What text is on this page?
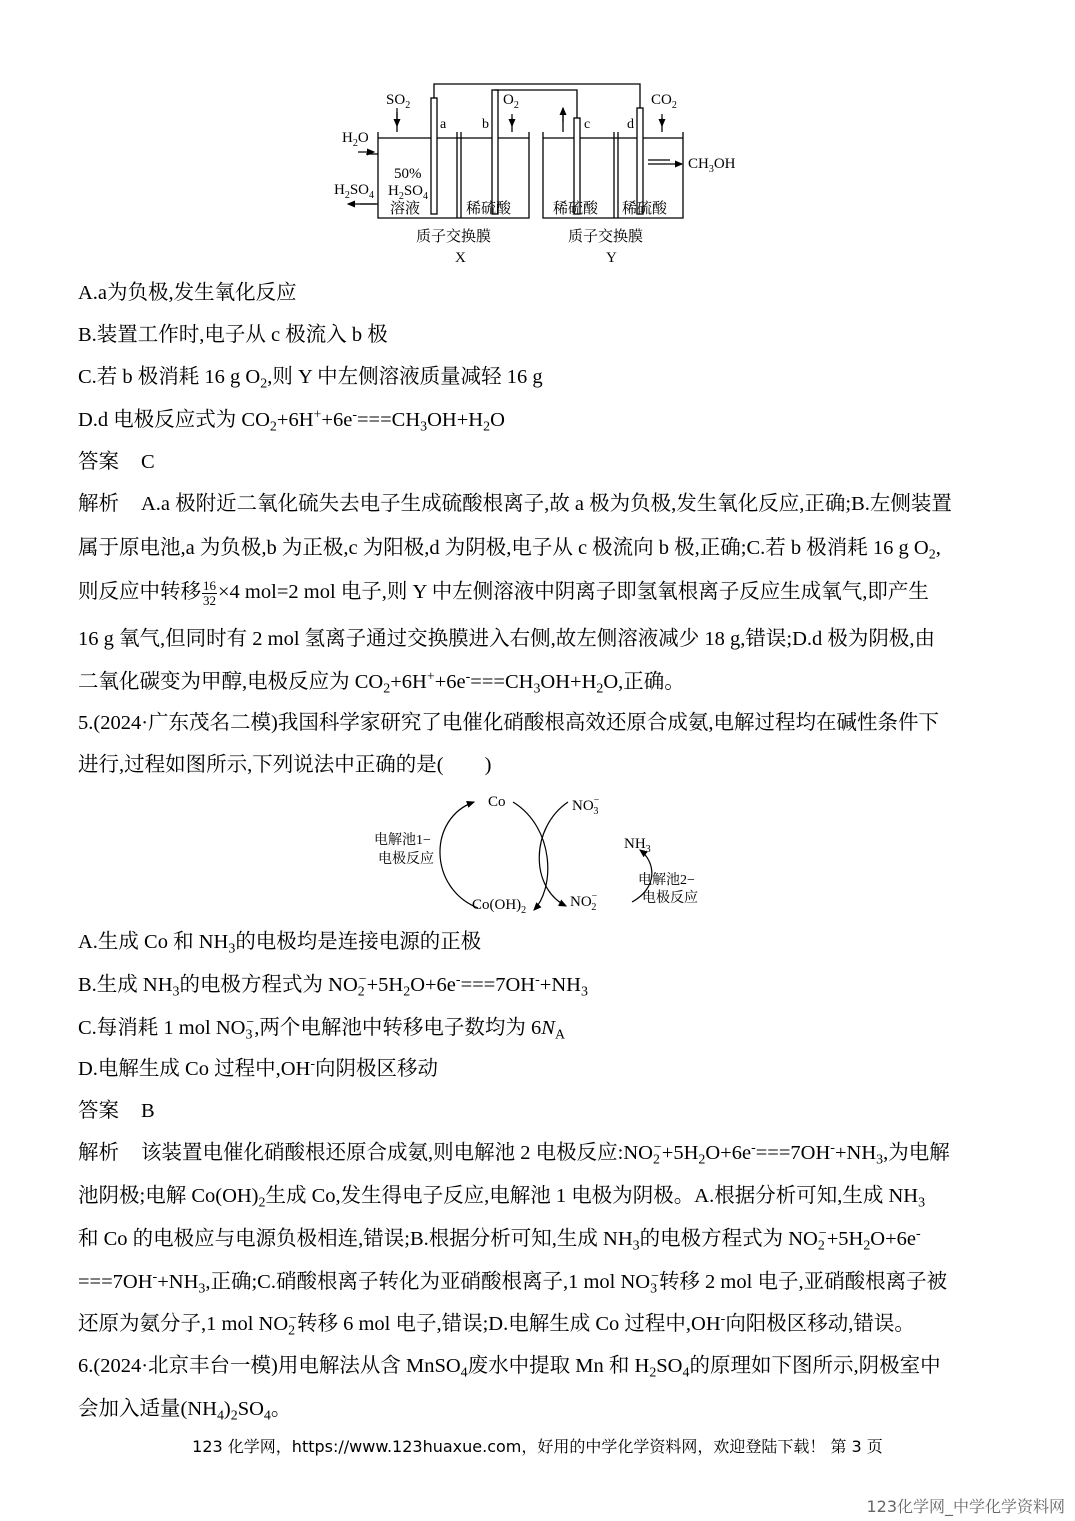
$SO_2$	$O_2$	$CO_2$
$H_2O$
$H_2SO_4$
$CH_3OH$
50%
$H_2SO_4$
溶液	稀硫酸	稀硫酸 稀硫酸
a	b	c	d
质子交换膜	质子交换膜
X	Y
A.a为负极,发生氧化反应
B.装置工作时,电子从 c 极流入 b 极
C.若 b 极消耗 16 g $O_2$,则 Y 中左侧溶液质量减轻 16 g
D.d 电极反应式为 $CO_2+6H^++6e^-===CH_3OH+H_2O$
答案 C
解析 A.a 极附近二氧化硫失去电子生成硫酸根离子,故 a 极为负极,发生氧化反应,正确;B.左侧装置
属于原电池,a 为负极,b 为正极,c 为阳极,d 为阴极,电子从 c 极流向 b 极,正确;C.若 b 极消耗 16 g $O_2$,
则反应中转移 $\frac{16}{32} \times 4$ mol=2 mol 电子,则 Y 中左侧溶液中阴离子即氢氧根离子反应生成氧气,即产生
16 g 氧气,但同时有 2 mol 氢离子通过交换膜进入右侧,故左侧溶液减少 18 g,错误;D.d 极为阴极,由
二氧化碳变为甲醇,电极反应为 $CO_2+6H^++6e^-===CH_3OH+H_2O$,正确。
5.(2024·广东茂名二模)我国科学家研究了电催化硝酸根高效还原合成氨,电解过程均在碱性条件下
进行,过程如图所示,下列说法中正确的是(　　)
Co	NO− 3
$NH_3$
电解池1−
电极反应
电解池2−
电极反应
$Co(OH)_2$
NO− 2
A.生成 Co 和 $NH_3$的电极均是连接电源的正极
B.生成 $NH_3$的电极方程式为 $NO_2^-+5H_2O+6e^-===7OH^-+NH_3$
C.每消耗 1 mol $NO_3^-$,两个电解池中转移电子数均为 $6N_A$
D.电解生成 Co 过程中,OH-向阴极区移动
答案 B
解析 该装置电催化硝酸根还原合成氨,则电解池 2 电极反应$:NO_2^-+5H_2O+6e^-===7OH^-+NH_3$,为电解
池阴极;电解 $Co(OH)_2$生成 Co,发生得电子反应,电解池 1 电极为阴极。A.根据分析可知,生成 $NH_3$
和 Co 的电极应与电源负极相连,错误;B.根据分析可知,生成 $NH_3$的电极方程式为 $NO_2^-+5H_2O+6e^-$
$===7OH^-+NH_3$,正确;C.硝酸根离子转化为亚硝酸根离子,1 mol $NO_3^-$转移 2 mol 电子,亚硝酸根离子被
还原为氨分子,1 mol $NO_2^-$转移 6 mol 电子,错误;D.电解生成 Co 过程中,OH-向阳极区移动,错误。
6.(2024·北京丰台一模)用电解法从含 MnSO$_4$废水中提取 Mn 和 $H_2SO_4$的原理如下图所示,阴极室中
会加入适量$(NH_4)_2SO_4$。
123 化学网，https://www.123huaxue.com，好用的中学化学资料网，欢迎登陆下载！ 第 3 页
123化学网_中学化学资料网
